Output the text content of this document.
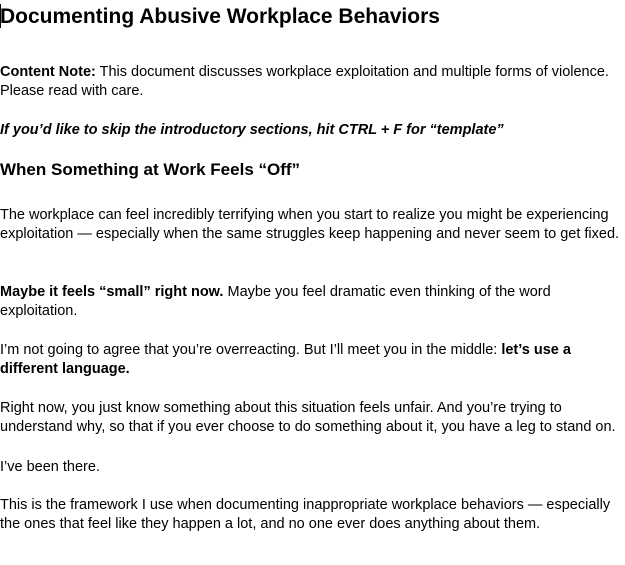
Documenting Abusive Workplace Behaviors

Content Note: This document discusses workplace exploitation and multiple forms of violence. Please read with care.

If you’d like to skip the introductory sections, hit CTRL + F for “template”

When Something at Work Feels “Off”

The workplace can feel incredibly terrifying when you start to realize you might be experiencing exploitation — especially when the same struggles keep happening and never seem to get fixed.

Maybe it feels “small” right now. Maybe you feel dramatic even thinking of the word exploitation.

I’m not going to agree that you’re overreacting. But I’ll meet you in the middle: let’s use a different language.

Right now, you just know something about this situation feels unfair. And you’re trying to understand why, so that if you ever choose to do something about it, you have a leg to stand on.

I’ve been there.

This is the framework I use when documenting inappropriate workplace behaviors — especially the ones that feel like they happen a lot, and no one ever does anything about them.
